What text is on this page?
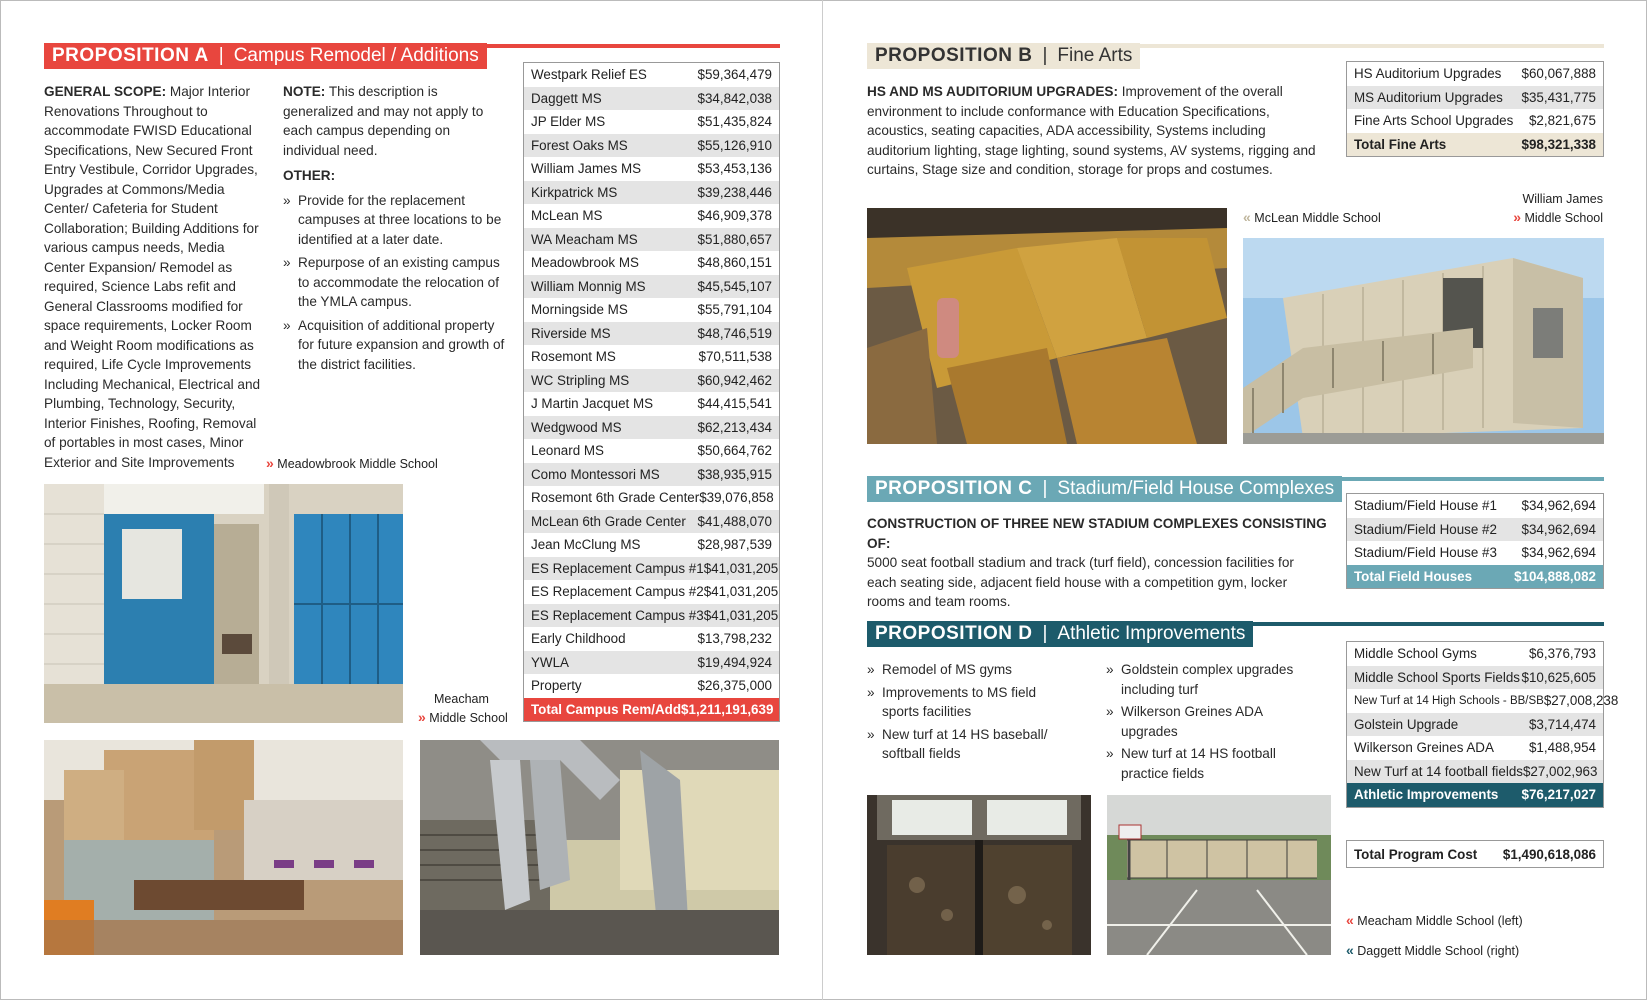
PROPOSITION A | Campus Remodel / Additions
GENERAL SCOPE: Major Interior Renovations Throughout to accommodate FWISD Educational Specifications, New Secured Front Entry Vestibule, Corridor Upgrades, Upgrades at Commons/Media Center/ Cafeteria for Student Collaboration; Building Additions for various campus needs, Media Center Expansion/ Remodel as required, Science Labs refit and General Classrooms modified for space requirements, Locker Room and Weight Room modifications as required, Life Cycle Improvements Including Mechanical, Electrical and Plumbing, Technology, Security, Interior Finishes, Roofing, Removal of portables in most cases, Minor Exterior and Site Improvements
NOTE: This description is generalized and may not apply to each campus depending on individual need.
OTHER:
» Provide for the replacement campuses at three locations to be identified at a later date.
» Repurpose of an existing campus to accommodate the relocation of the YMLA campus.
» Acquisition of additional property for future expansion and growth of the district facilities.
Westpark Relief ES	$59,364,479
Daggett MS	$34,842,038
JP Elder MS	$51,435,824
Forest Oaks MS	$55,126,910
William James MS	$53,453,136
Kirkpatrick MS	$39,238,446
McLean MS	$46,909,378
WA Meacham MS	$51,880,657
Meadowbrook MS	$48,860,151
William Monnig MS	$45,545,107
Morningside MS	$55,791,104
Riverside MS	$48,746,519
Rosemont MS	$70,511,538
WC Stripling MS	$60,942,462
J Martin Jacquet MS	$44,415,541
Wedgwood MS	$62,213,434
Leonard MS	$50,664,762
Como Montessori MS	$38,935,915
Rosemont 6th Grade Center $39,076,858
McLean 6th Grade Center $41,488,070
Jean McClung MS	$28,987,539
ES Replacement Campus #1 $41,031,205
ES Replacement Campus #2 $41,031,205
ES Replacement Campus #3 $41,031,205
Early Childhood	$13,798,232
YWLA	$19,494,924
Property	$26,375,000
Total Campus Rem/Add $1,211,191,639
» Meadowbrook Middle School
Meacham
» Middle School
PROPOSITION B | Fine Arts
HS AND MS AUDITORIUM UPGRADES: Improvement of the overall environment to include conformance with Education Specifications, acoustics, seating capacities, ADA accessibility, Systems including auditorium lighting, stage lighting, sound systems, AV systems, rigging and curtains, Stage size and condition, storage for props and costumes.
HS Auditorium Upgrades $60,067,888
MS Auditorium Upgrades $35,431,775
Fine Arts School Upgrades $2,821,675
Total Fine Arts	$98,321,338
« McLean Middle School
William James
» Middle School
PROPOSITION C | Stadium/Field House Complexes
CONSTRUCTION OF THREE NEW STADIUM COMPLEXES CONSISTING OF:
5000 seat football stadium and track (turf field), concession facilities for each seating side, adjacent field house with a competition gym, locker rooms and team rooms.
Stadium/Field House #1 $34,962,694
Stadium/Field House #2 $34,962,694
Stadium/Field House #3 $34,962,694
Total Field Houses	$104,888,082
PROPOSITION D | Athletic Improvements
» Remodel of MS gyms
» Improvements to MS field sports facilities
» New turf at 14 HS baseball/ softball fields
» Goldstein complex upgrades including turf
» Wilkerson Greines ADA upgrades
» New turf at 14 HS football practice fields
Middle School Gyms	$6,376,793
Middle School Sports Fields $10,625,605
New Turf at 14 High Schools - BB/SB $27,008,238
Golstein Upgrade	$3,714,474
Wilkerson Greines ADA	$1,488,954
New Turf at 14 football fields $27,002,963
Athletic Improvements $76,217,027
Total Program Cost $1,490,618,086
« Meacham Middle School (left)
« Daggett Middle School (right)
